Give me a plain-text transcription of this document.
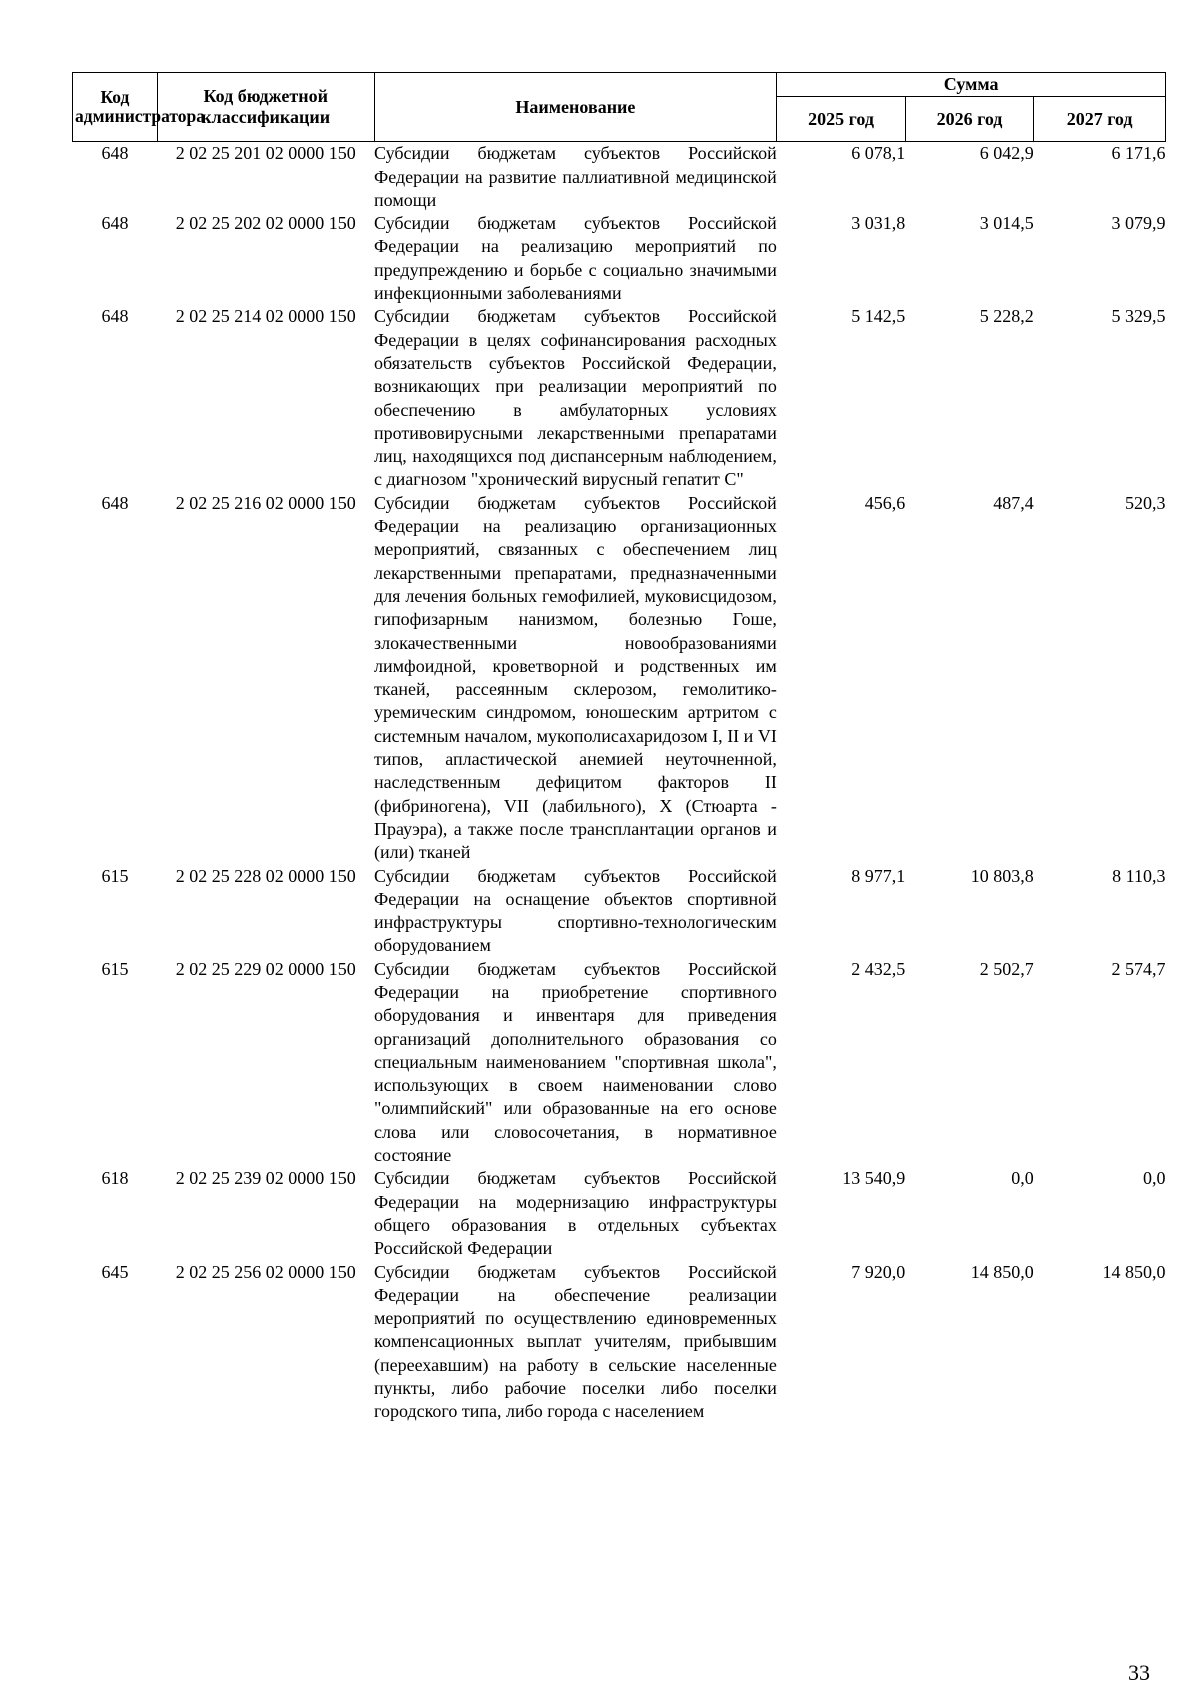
Код администратора	Код бюджетной классификации	Наименование	Сумма		
			2025 год	2026 год	2027 год
648	2 02 25 201 02 0000 150	Субсидии бюджетам субъектов Российской Федерации на развитие паллиативной медицинской помощи	6 078,1	6 042,9	6 171,6
648	2 02 25 202 02 0000 150	Субсидии бюджетам субъектов Российской Федерации на реализацию мероприятий по предупреждению и борьбе с социально значимыми инфекционными заболеваниями	3 031,8	3 014,5	3 079,9
648	2 02 25 214 02 0000 150	Субсидии бюджетам субъектов Российской Федерации в целях софинансирования расходных обязательств субъектов Российской Федерации, возникающих при реализации мероприятий по обеспечению в амбулаторных условиях противовирусными лекарственными препаратами лиц, находящихся под диспансерным наблюдением, с диагнозом "хронический вирусный гепатит С"	5 142,5	5 228,2	5 329,5
648	2 02 25 216 02 0000 150	Субсидии бюджетам субъектов Российской Федерации на реализацию организационных мероприятий, связанных с обеспечением лиц лекарственными препаратами, предназначенными для лечения больных гемофилией, муковисцидозом, гипофизарным нанизмом, болезнью Гоше, злокачественными новообразованиями лимфоидной, кроветворной и родственных им тканей, рассеянным склерозом, гемолитико-уремическим синдромом, юношеским артритом с системным началом, мукополисахаридозом I, II и VI типов, апластической анемией неуточненной, наследственным дефицитом факторов II (фибриногена), VII (лабильного), X (Стюарта - Прауэра), а также после трансплантации органов и (или) тканей	456,6	487,4	520,3
615	2 02 25 228 02 0000 150	Субсидии бюджетам субъектов Российской Федерации на оснащение объектов спортивной инфраструктуры спортивно-технологическим оборудованием	8 977,1	10 803,8	8 110,3
615	2 02 25 229 02 0000 150	Субсидии бюджетам субъектов Российской Федерации на приобретение спортивного оборудования и инвентаря для приведения организаций дополнительного образования со специальным наименованием "спортивная школа", использующих в своем наименовании слово "олимпийский" или образованные на его основе слова или словосочетания, в нормативное состояние	2 432,5	2 502,7	2 574,7
618	2 02 25 239 02 0000 150	Субсидии бюджетам субъектов Российской Федерации на модернизацию инфраструктуры общего образования в отдельных субъектах Российской Федерации	13 540,9	0,0	0,0
645	2 02 25 256 02 0000 150	Субсидии бюджетам субъектов Российской Федерации на обеспечение реализации мероприятий по осуществлению единовременных компенсационных выплат учителям, прибывшим (переехавшим) на работу в сельские населенные пункты, либо рабочие поселки либо поселки городского типа, либо города с населением	7 920,0	14 850,0	14 850,0
33
